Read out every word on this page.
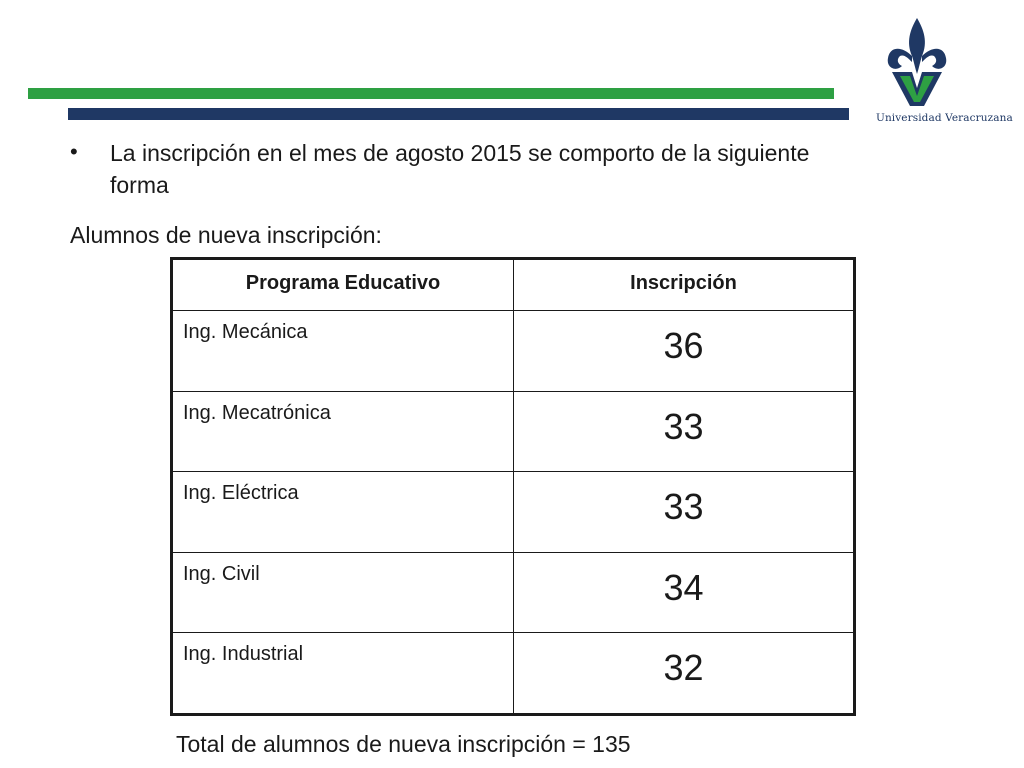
Universidad Veracruzana
• La inscripción en el mes de agosto 2015 se comporto de la siguiente forma
Alumnos de nueva inscripción:
Programa Educativo	Inscripción
Ing. Mecánica	36
Ing. Mecatrónica	33
Ing. Eléctrica	33
Ing. Civil	34
Ing. Industrial	32
Total de alumnos de nueva inscripción = 135
